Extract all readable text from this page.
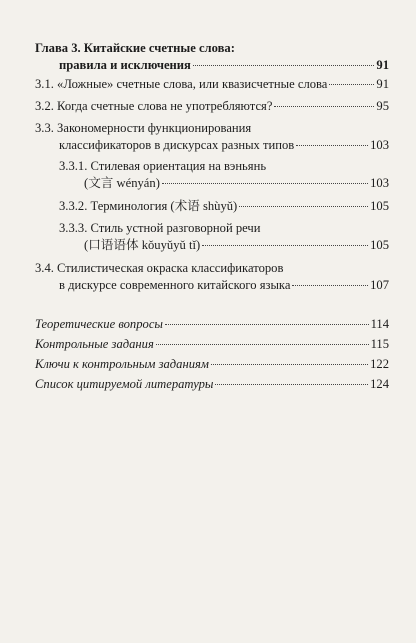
Глава 3. Китайские счетные слова:
правила и исключения	91
3.1. «Ложные» счетные слова, или квазисчетные слова	91
3.2. Когда счетные слова не употребляются?	95
3.3. Закономерности функционирования
классификаторов в дискурсах разных типов	103
3.3.1. Стилевая ориентация на вэньянь
(文言 wényán)	103
3.3.2. Терминология (术语 shùyǔ)	105
3.3.3. Стиль устной разговорной речи
(口语语体 kǒuyǔyǔ tǐ)	105
3.4. Стилистическая окраска классификаторов
в дискурсе современного китайского языка	107
Теоретические вопросы	114
Контрольные задания	115
Ключи к контрольным заданиям	122
Список цитируемой литературы	124
